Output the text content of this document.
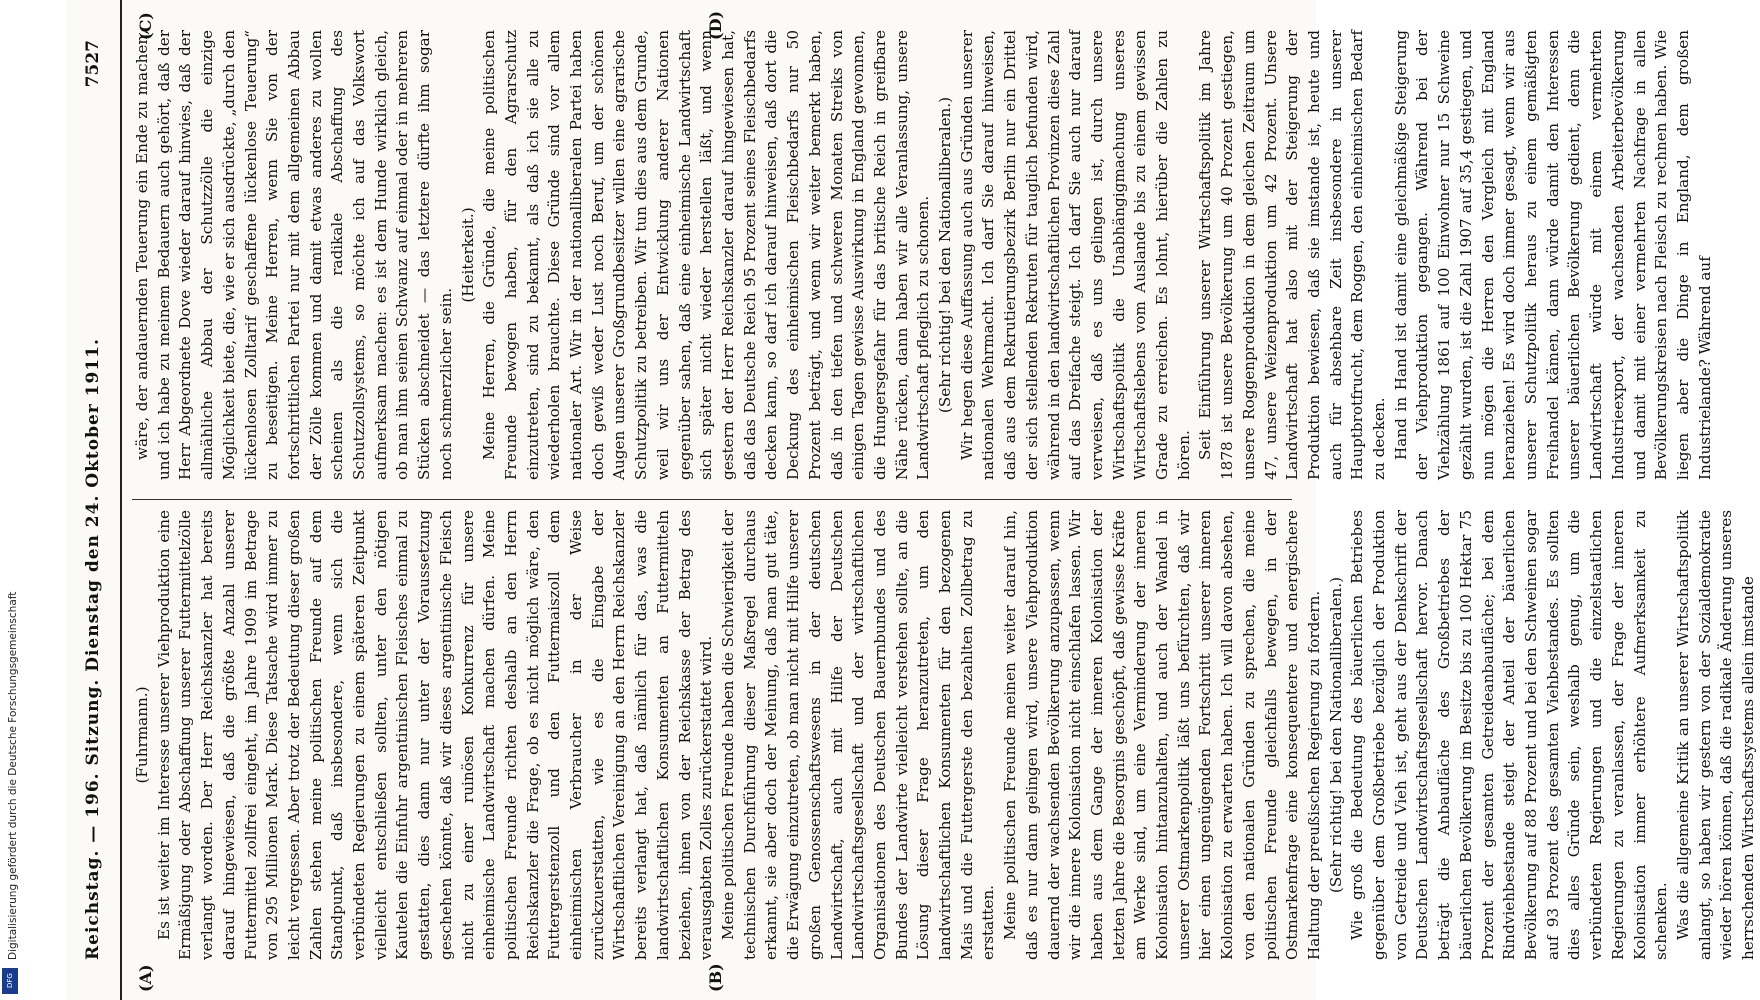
Reichstag. — 196. Sitzung. Dienstag den 24. Oktober 1911.
7527
(A)	(B)
(C)	(D)

(Fuhrmann.) Es ist weiter im Interesse unserer Viehproduktion eine Ermäßigung oder Abschaffung unserer Futtermittelzölle verlangt worden. Der Herr Reichskanzler hat bereits darauf hingewiesen, daß die größte Anzahl unserer Futtermittel zollfrei eingeht, im Jahre 1909 im Betrage von 295 Millionen Mark. Diese Tatsache wird immer zu leicht vergessen. Aber trotz der Bedeutung dieser großen Zahlen stehen meine politischen Freunde auf dem Standpunkt, daß insbesondere, wenn sich die verbündeten Regierungen zu einem späteren Zeitpunkt vielleicht entschließen sollten, unter den nötigen Kautelen die Einfuhr argentinischen Fleisches einmal zu gestatten, dies dann nur unter der Voraussetzung geschehen könnte, daß wir dieses argentinische Fleisch nicht zu einer ruinösen Konkurrenz für unsere einheimische Landwirtschaft machen dürfen. Meine politischen Freunde richten deshalb an den Herrn Reichskanzler die Frage, ob es nicht möglich wäre, den Futtergerstenzoll und den Futtermaiszoll dem einheimischen Verbraucher in der Weise zurückzuerstatten, wie es die Eingabe der Wirtschaftlichen Vereinigung an den Herrn Reichskanzler bereits verlangt hat, daß nämlich für das, was die landwirtschaftlichen Konsumenten an Futtermitteln beziehen, ihnen von der Reichskasse der Betrag des verausgabten Zolles zurückerstattet wird. Meine politischen Freunde haben die Schwierigkeit der technischen Durchführung dieser Maßregel durchaus erkannt, sie aber doch der Meinung, daß man gut täte, die Erwägung einzutreten, ob man nicht mit Hilfe unserer großen Genossenschaftswesens in der deutschen Landwirtschaft, auch mit Hilfe der Deutschen Landwirtschaftsgesellschaft und der wirtschaftlichen Organisationen des Deutschen Bauernbundes und des Bundes der Landwirte vielleicht verstehen sollte, an die Lösung dieser Frage heranzutreten, um den landwirtschaftlichen Konsumenten für den bezogenen Mais und die Futtergerste den bezahlten Zollbetrag zu erstatten. Meine politischen Freunde meinen weiter darauf hin, daß es nur dann gelingen wird, unsere Viehproduktion dauernd der wachsenden Bevölkerung anzupassen, wenn wir die innere Kolonisation nicht einschlafen lassen. Wir haben aus dem Gange der inneren Kolonisation der letzten Jahre die Besorgnis geschöpft, daß gewisse Kräfte am Werke sind, um eine Verminderung der inneren Kolonisation hintanzuhalten, und auch der Wandel in unserer Ostmarkenpolitik läßt uns befürchten, daß wir hier einen ungenügenden Fortschritt unserer inneren Kolonisation zu erwarten haben. Ich will davon absehen, von den nationalen Gründen zu sprechen, die meine politischen Freunde gleichfalls bewegen, in der Ostmarkenfrage eine konsequentere und energischere Haltung der preußischen Regierung zu fordern. (Sehr richtig! bei den Nationalliberalen.) Wie groß die Bedeutung des bäuerlichen Betriebes gegenüber dem Großbetriebe bezüglich der Produktion von Getreide und Vieh ist, geht aus der Denkschrift der Deutschen Landwirtschaftsgesellschaft hervor. Danach beträgt die Anbaufläche des Großbetriebes der bäuerlichen Bevölkerung im Besitze bis zu 100 Hektar 75 Prozent der gesamten Getreideanbaufläche; bei dem Rindviehbestande steigt der Anteil der bäuerlichen Bevölkerung auf 88 Prozent und bei den Schweinen sogar auf 93 Prozent des gesamten Viehbestandes. Es sollten dies alles Gründe sein, weshalb genug, um die verbündeten Regierungen und die einzelstaatlichen Regierungen zu veranlassen, der Frage der inneren Kolonisation immer erhöhtere Aufmerksamkeit zu schenken. Was die allgemeine Kritik an unserer Wirtschaftspolitik anlangt, so haben wir gestern von der Sozialdemokratie wieder hören können, daß die radikale Änderung unseres herrschenden Wirtschaftssystems allein imstande

wäre, der andauernden Teuerung ein Ende zu machen, und ich habe zu meinem Bedauern auch gehört, daß der Herr Abgeordnete Dove wieder darauf hinwies, daß der allmähliche Abbau der Schutzzölle die einzige Möglichkeit biete, die, wie er sich ausdrückte, „durch den lückenlosen Zolltarif geschaffene lückenlose Teuerung“ zu beseitigen. Meine Herren, wenn Sie von der fortschrittlichen Partei nur mit dem allgemeinen Abbau der Zölle kommen und damit etwas anderes zu wollen scheinen als die radikale Abschaffung des Schutzzollsystems, so möchte ich auf das Volkswort aufmerksam machen: es ist dem Hunde wirklich gleich, ob man ihm seinen Schwanz auf einmal oder in mehreren Stücken abschneidet — das letztere dürfte ihm sogar noch schmerzlicher sein.

(Heiterkeit.) Meine Herren, die Gründe, die meine politischen Freunde bewogen haben, für den Agrarschutz einzutreten, sind zu bekannt, als daß ich sie alle zu wiederholen brauchte. Diese Gründe sind vor allem nationaler Art. Wir in der nationalliberalen Partei haben doch gewiß weder Lust noch Beruf, um der schönen Augen unserer Großgrundbesitzer willen eine agrarische Schutzpolitik zu betreiben. Wir tun dies aus dem Grunde, weil wir uns der Entwicklung anderer Nationen gegenüber sahen, daß eine einheimische Landwirtschaft sich später nicht wieder herstellen läßt, und wenn gestern der Herr Reichskanzler darauf hingewiesen hat, daß das Deutsche Reich 95 Prozent seines Fleischbedarfs decken kann, so darf ich darauf hinweisen, daß dort die Deckung des einheimischen Fleischbedarfs nur 50 Prozent beträgt, und wenn wir weiter bemerkt haben, daß in den tiefen und schweren Monaten Streiks von einigen Tagen gewisse Auswirkung in England gewonnen, die Hungersgefahr für das britische Reich in greifbare Nähe rücken, dann haben wir alle Veranlassung, unsere Landwirtschaft pfleglich zu schonen. (Sehr richtig! bei den Nationalliberalen.) Wir hegen diese Auffassung auch aus Gründen unserer nationalen Wehrmacht. Ich darf Sie darauf hinweisen, daß aus dem Rekrutierungsbezirk Berlin nur ein Drittel der sich stellenden Rekruten für tauglich befunden wird, während in den landwirtschaftlichen Provinzen diese Zahl auf das Dreifache steigt. Ich darf Sie auch nur darauf verweisen, daß es uns gelingen ist, durch unsere Wirtschaftspolitik die Unabhängigmachung unseres Wirtschaftslebens vom Auslande bis zu einem gewissen Grade zu erreichen. Es lohnt, hierüber die Zahlen zu hören. Seit Einführung unserer Wirtschaftspolitik im Jahre 1878 ist unsere Bevölkerung um 40 Prozent gestiegen, unsere Roggenproduktion in dem gleichen Zeitraum um 47, unsere Weizenproduktion um 42 Prozent. Unsere Landwirtschaft hat also mit der Steigerung der Produktion bewiesen, daß sie imstande ist, heute und auch für absehbare Zeit insbesondere in unserer Hauptbrotfrucht, dem Roggen, den einheimischen Bedarf zu decken. Hand in Hand ist damit eine gleichmäßige Steigerung der Viehproduktion gegangen. Während bei der Viehzählung 1861 auf 100 Einwohner nur 15 Schweine gezählt wurden, ist die Zahl 1907 auf 35,4 gestiegen, und nun mögen die Herren den Vergleich mit England heranziehen! Es wird doch immer gesagt, wenn wir aus unserer Schutzpolitik heraus zu einem gemäßigten Freihandel kämen, dann würde damit den Interessen unserer bäuerlichen Bevölkerung gedient, denn die Landwirtschaft würde mit einem vermehrten Industrieexport, der wachsenden Arbeiterbevölkerung und damit mit einer vermehrten Nachfrage in allen Bevölkerungskreisen nach Fleisch zu rechnen haben. Wie liegen aber die Dinge in England, dem großen Industrielande? Während auf

Digitalisierung gefördert durch die Deutsche Forschungsgemeinschaft
DFG
